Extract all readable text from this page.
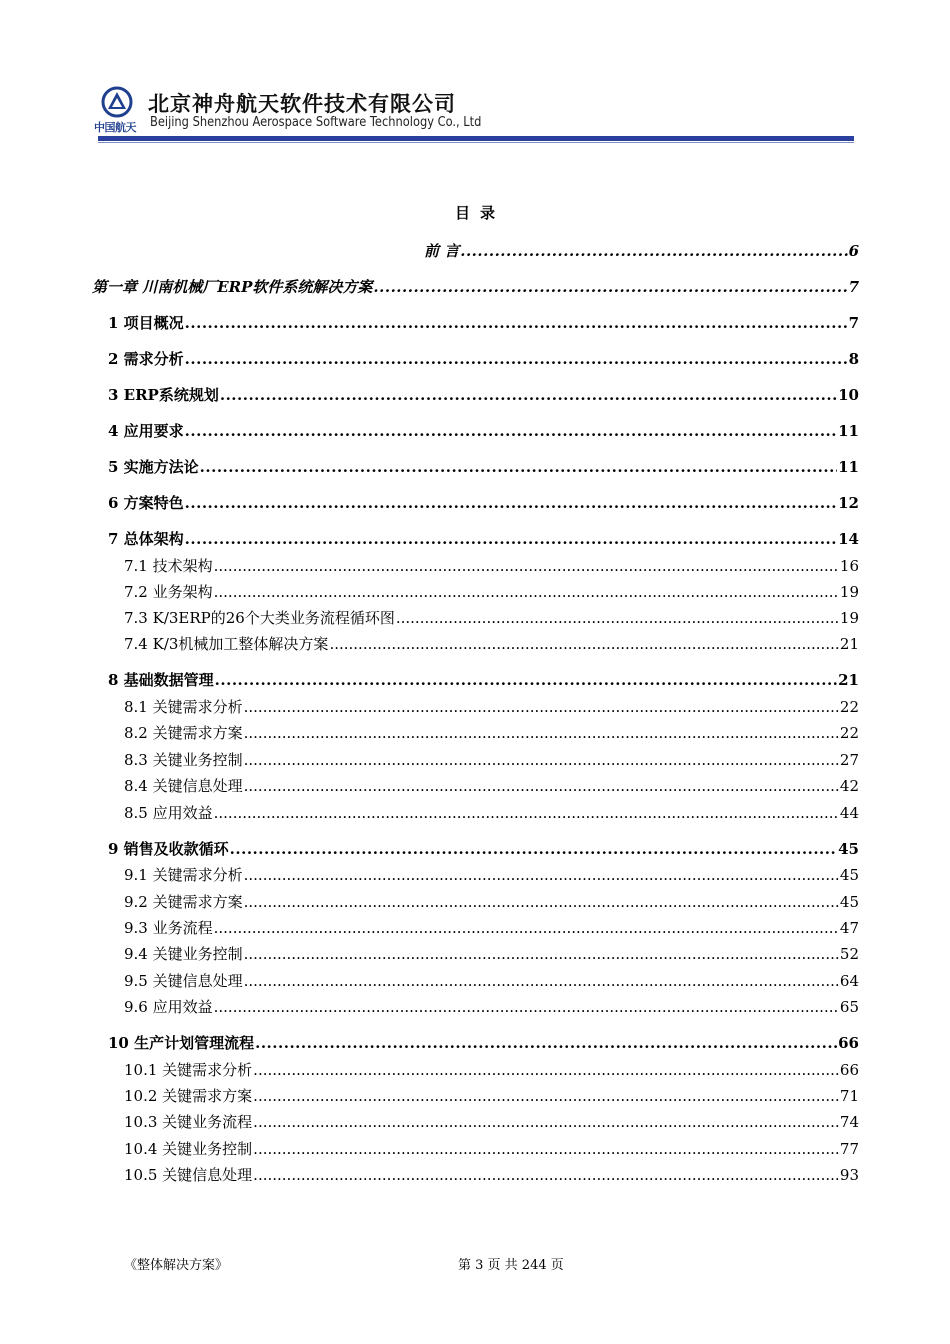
中国航天
北京神舟航天软件技术有限公司
Beijing Shenzhou Aerospace Software Technology Co., Ltd
目录
前 言 .....	6
第一章 川南机械厂ERP软件系统解决方案 .....	7
1 项目概况 .....	7
2 需求分析 .....	8
3 ERP系统规划 .....	10
4 应用要求 .....	11
5 实施方法论 .....	11
6 方案特色 .....	12
7 总体架构 .....	14
7.1 技术架构 .....	16
7.2 业务架构 .....	19
7.3 K/3ERP的26个大类业务流程循环图 .....	19
7.4 K/3机械加工整体解决方案 .....	21
8 基础数据管理 .....	21
8.1 关键需求分析 .....	22
8.2 关键需求方案 .....	22
8.3 关键业务控制 .....	27
8.4 关键信息处理 .....	42
8.5 应用效益 .....	44
9 销售及收款循环 .....	45
9.1 关键需求分析 .....	45
9.2 关键需求方案 .....	45
9.3 业务流程 .....	47
9.4 关键业务控制 .....	52
9.5 关键信息处理 .....	64
9.6 应用效益 .....	65
10 生产计划管理流程 .....	66
10.1 关键需求分析 .....	66
10.2 关键需求方案 .....	71
10.3 关键业务流程 .....	74
10.4 关键业务控制 .....	77
10.5 关键信息处理 .....	93
《整体解决方案》	第 3 页 共 244 页
